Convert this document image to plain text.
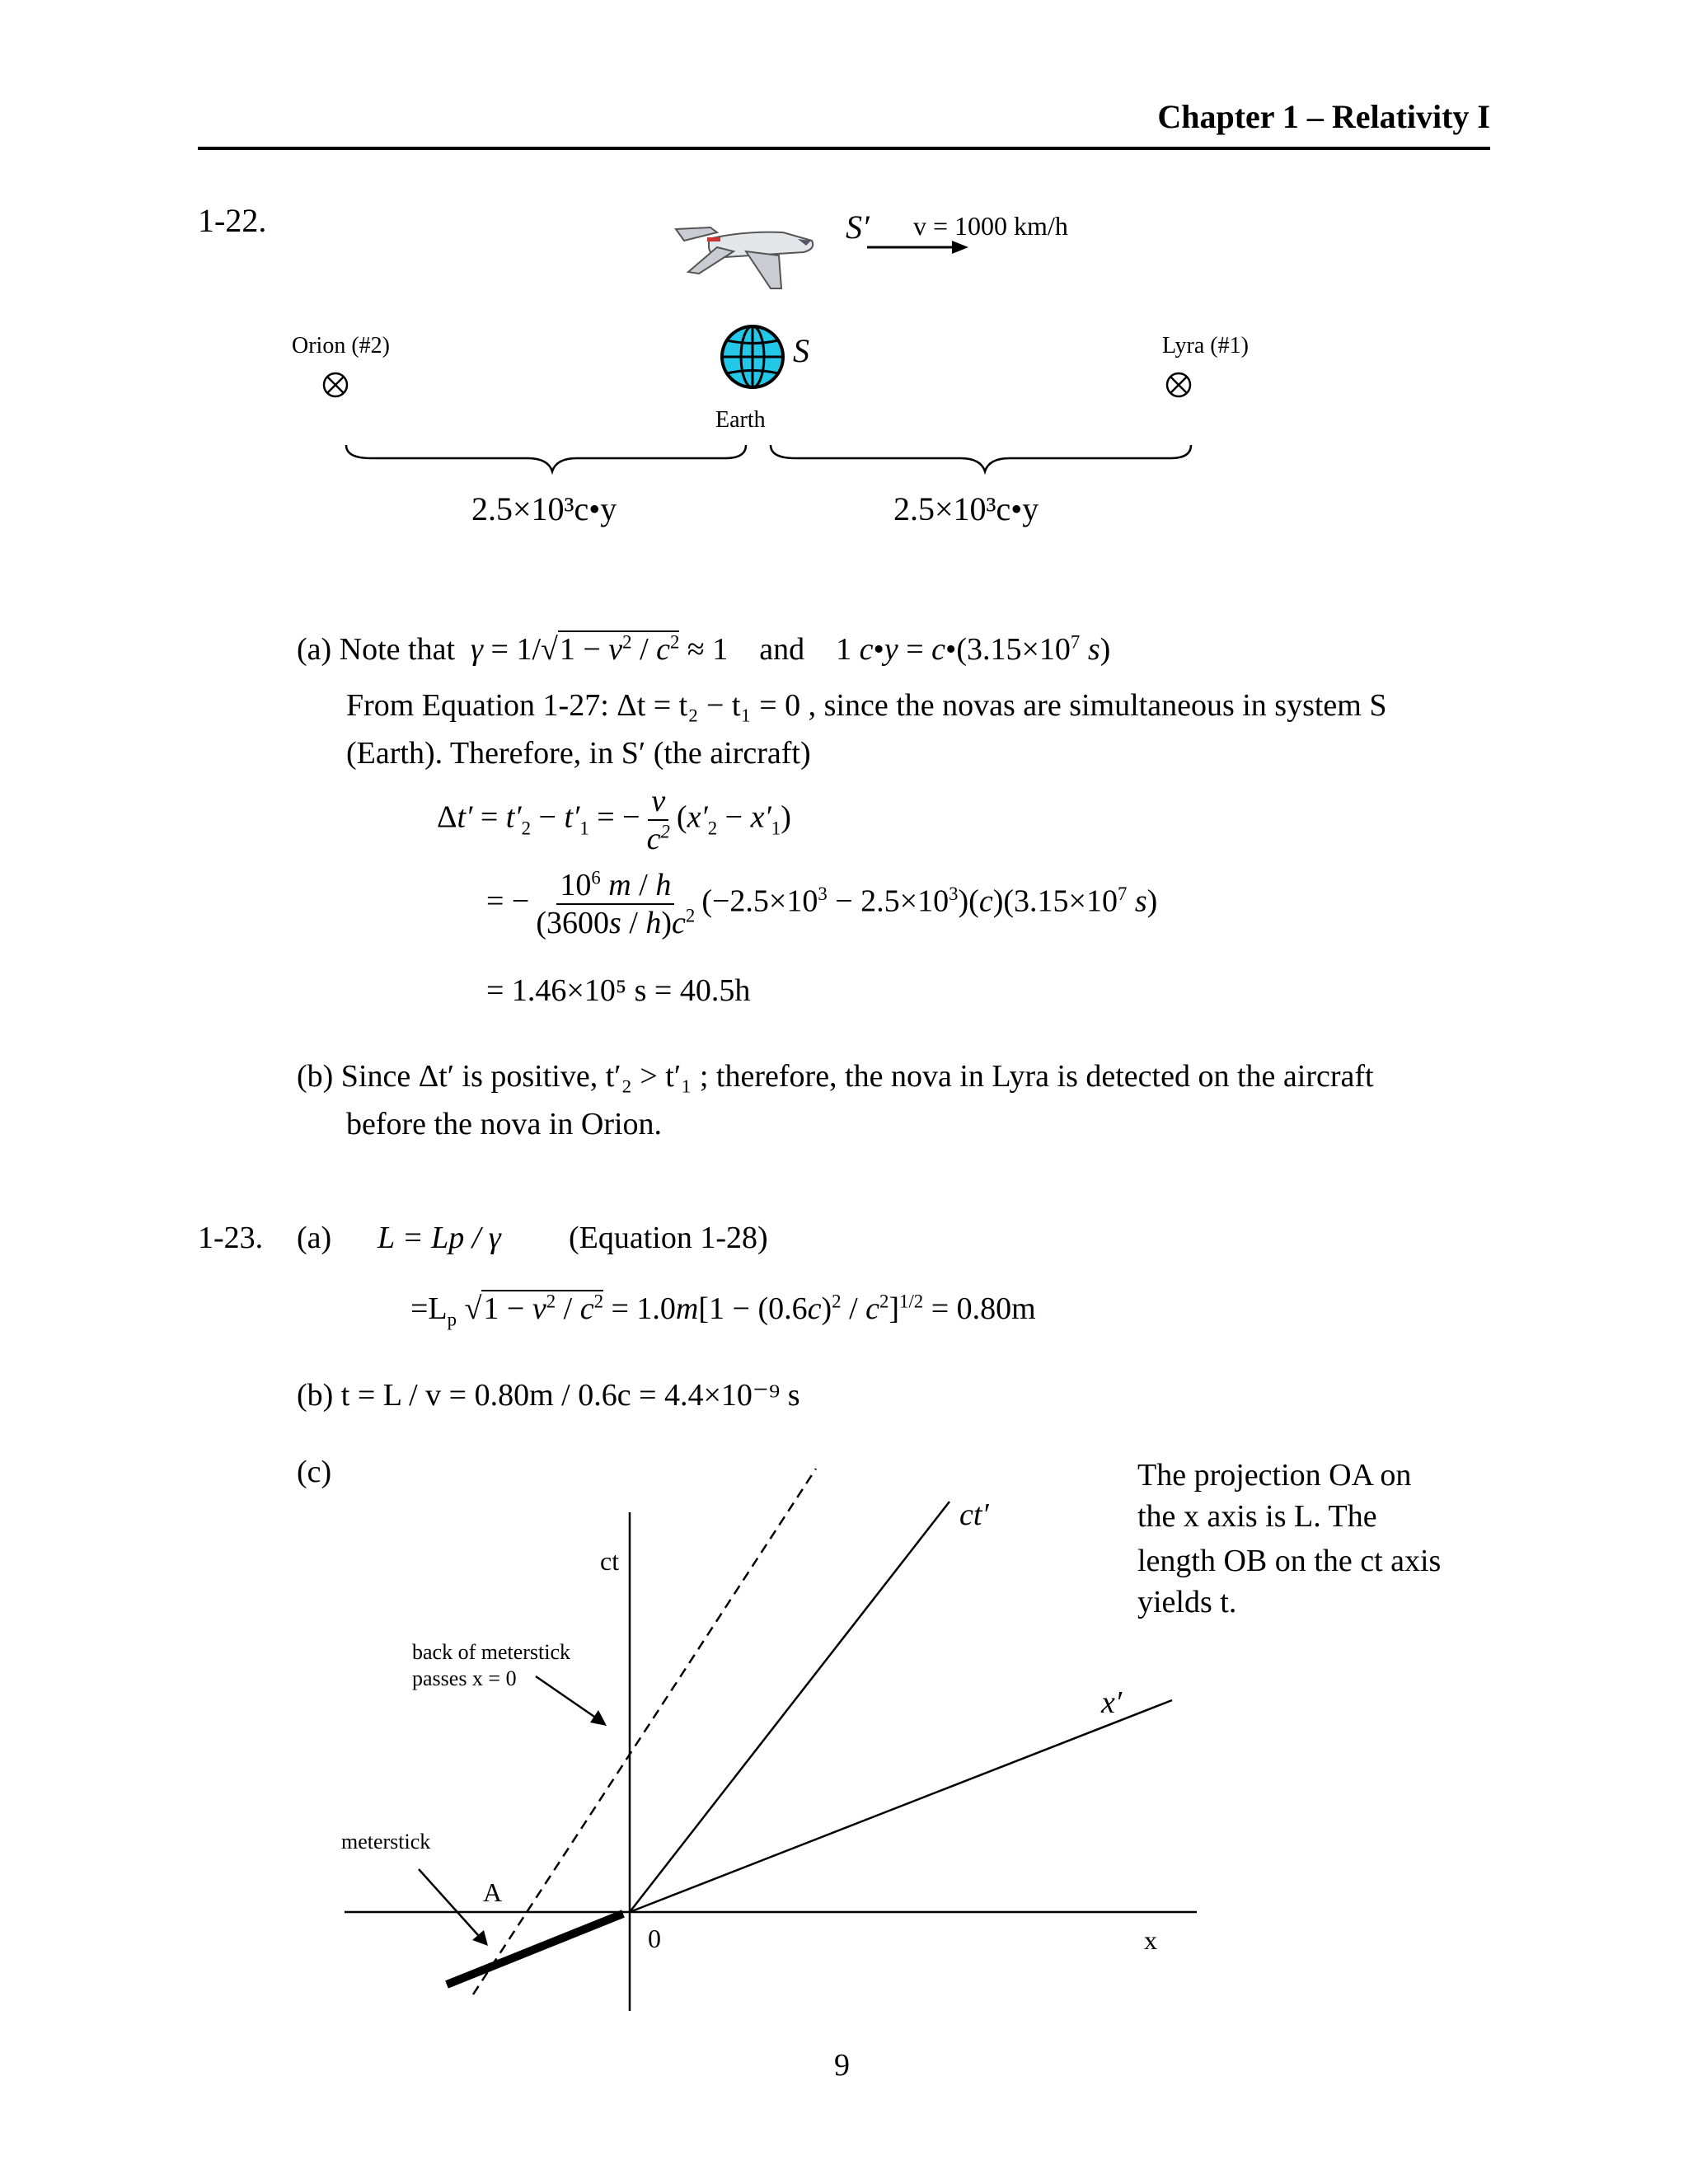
Chapter 1 – Relativity I
1-22.	S′ v = 1000 km/h
S
Earth
Orion (#2)	Lyra (#1)
2.5×10³c•y	2.5×10³c•y
(a) Note that  $\gamma = 1/√1 - v^2 / c^2 \approx 1$    and    1 c•y = $c•(3.15\times 10^7$ s)
From Equation 1-27: Δt = t₂ − t₁ = 0 , since the novas are simultaneous in system S
(Earth). Therefore, in S′ (the aircraft)
$\Delta t' = t'_2 - t'_1$ = − $\frac{v}{c^2} (x'_2 - x'_1)$
= − $\frac{10^6 m / h}{(3600s / h)c^2} (-2.5\times 10^3 - 2.5\times 10^3)(c)(3.15\times 10^7$ s)
= 1.46×10⁵ s = 40.5h
(b) Since Δt′ is positive, t′₂ > t′₁ ; therefore, the nova in Lyra is detected on the aircraft
before the nova in Orion.
1-23. (a) L = Lp / γ (Equation 1-28)
$=L_p$ $√1 - v^2 / c^2 = 1.0m[1 - (0.6c)^2 / c^2]^{1/2} = 0.80m$
(b) t = L / v = 0.80m / 0.6c = 4.4×10⁻⁹ s
(c)	The projection OA on
the x axis is L. The
length OB on the ct axis
yields t.
ct
ct′
x′
x
0
A
back of meterstick
passes x = 0
meterstick
9
